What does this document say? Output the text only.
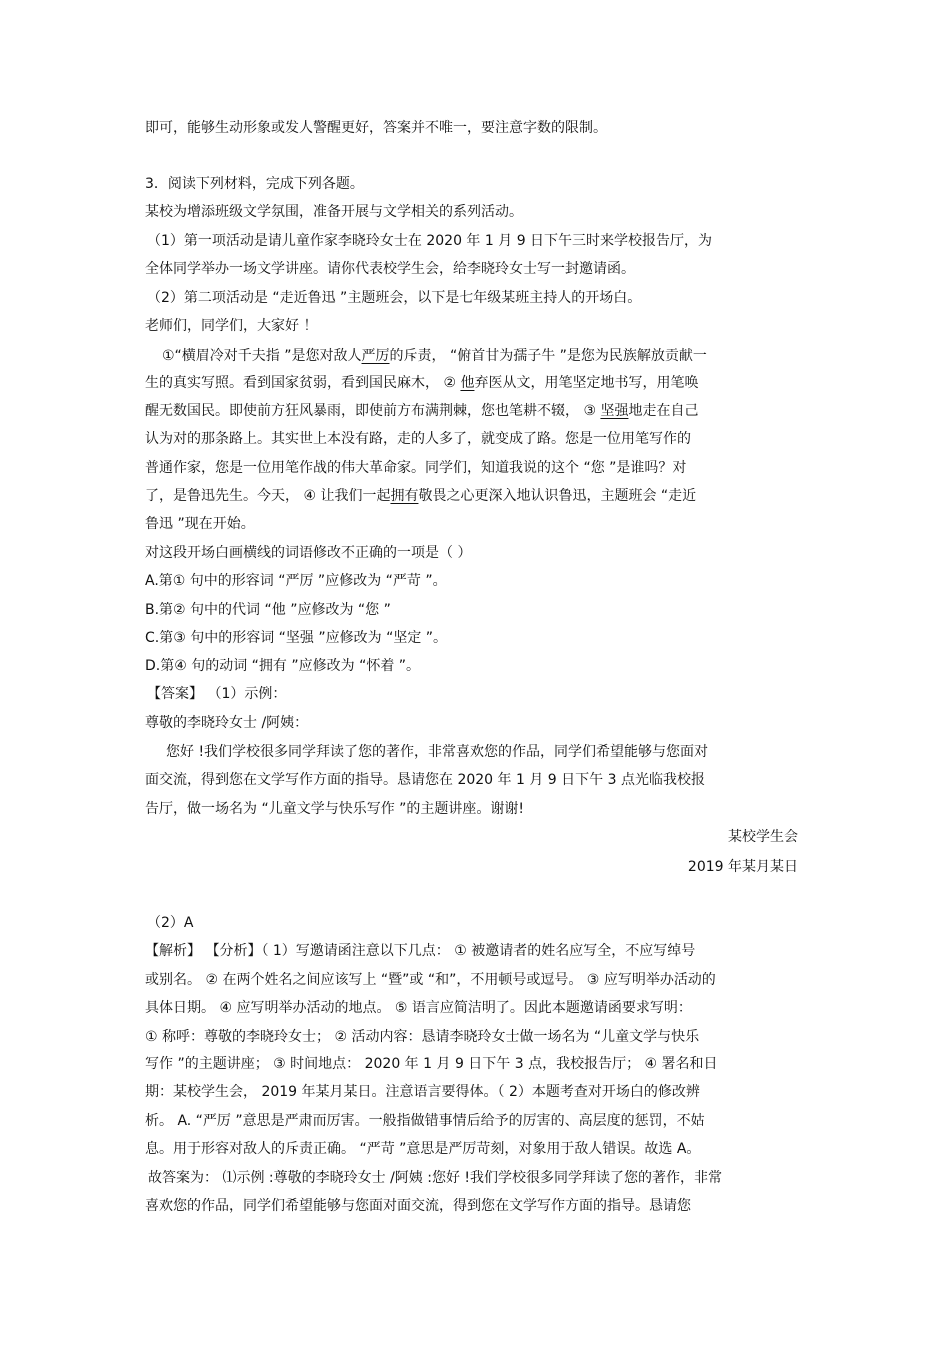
即可，能够生动形象或发人警醒更好，答案并不唯一，要注意字数的限制。
3．阅读下列材料，完成下列各题。
某校为增添班级文学氛围，准备开展与文学相关的系列活动。
（1）第一项活动是请儿童作家李晓玲女士在 2020 年 1 月 9 日下午三时来学校报告厅，为
全体同学举办一场文学讲座。请你代表校学生会，给李晓玲女士写一封邀请函。
（2）第二项活动是 “走近鲁迅 ”主题班会，以下是七年级某班主持人的开场白。
老师们，同学们，大家好 ！
①“横眉冷对千夫指 ”是您对敌人严厉的斥责， “俯首甘为孺子牛 ”是您为民族解放贡献一
生的真实写照。看到国家贫弱，看到国民麻木， ② 他弃医从文，用笔坚定地书写，用笔唤
醒无数国民。即使前方狂风暴雨，即使前方布满荆棘，您也笔耕不辍， ③ 坚强地走在自己
认为对的那条路上。其实世上本没有路，走的人多了，就变成了路。您是一位用笔写作的
普通作家，您是一位用笔作战的伟大革命家。同学们，知道我说的这个 “您 ”是谁吗？对
了，是鲁迅先生。今天， ④ 让我们一起拥有敬畏之心更深入地认识鲁迅，主题班会 “走近
鲁迅 ”现在开始。
对这段开场白画横线的词语修改不正确的一项是（ ）
A.第① 句中的形容词 “严厉 ”应修改为 “严苛 ”。
B.第② 句中的代词 “他 ”应修改为 “您 ”
C.第③ 句中的形容词 “坚强 ”应修改为 “坚定 ”。
D.第④ 句的动词 “拥有 ”应修改为 “怀着 ”。
【答案】 （1）示例：
尊敬的李晓玲女士 /阿姨：
您好 !我们学校很多同学拜读了您的著作，非常喜欢您的作品，同学们希望能够与您面对
面交流，得到您在文学写作方面的指导。恳请您在 2020 年 1 月 9 日下午 3 点光临我校报
告厅，做一场名为 “儿童文学与快乐写作 ”的主题讲座。谢谢!
某校学生会
2019 年某月某日
（2）A
【解析】 【分析】（ 1）写邀请函注意以下几点： ① 被邀请者的姓名应写全，不应写绰号
或别名。 ② 在两个姓名之间应该写上 “暨”或 “和”，不用顿号或逗号。 ③ 应写明举办活动的
具体日期。 ④ 应写明举办活动的地点。 ⑤ 语言应简洁明了。因此本题邀请函要求写明：
① 称呼：尊敬的李晓玲女士； ② 活动内容：恳请李晓玲女士做一场名为 “儿童文学与快乐
写作 ”的主题讲座； ③ 时间地点： 2020 年 1 月 9 日下午 3 点，我校报告厅； ④ 署名和日
期：某校学生会， 2019 年某月某日。注意语言要得体。（ 2）本题考查对开场白的修改辨
析。 A. “严厉 ”意思是严肃而厉害。一般指做错事情后给予的厉害的、高层度的惩罚，不姑
息。用于形容对敌人的斥责正确。 “严苛 ”意思是严厉苛刻，对象用于敌人错误。故选 A。
故答案为： ⑴示例 :尊敬的李晓玲女士 /阿姨 :您好 !我们学校很多同学拜读了您的著作，非常
喜欢您的作品，同学们希望能够与您面对面交流，得到您在文学写作方面的指导。恳请您
